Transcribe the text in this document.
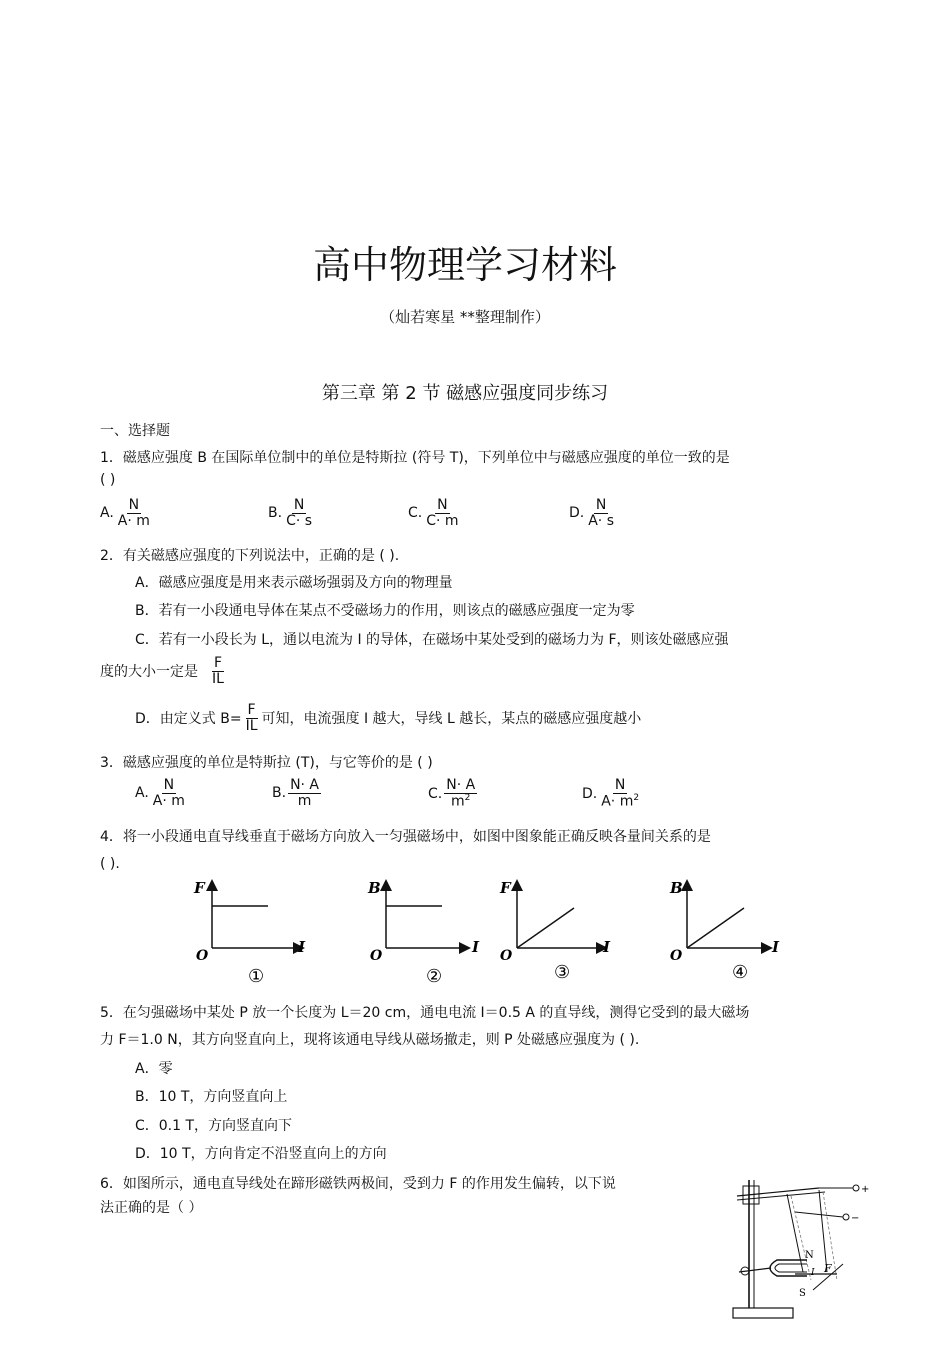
高中物理学习材料
（灿若寒星 **整理制作）
第三章 第 2 节 磁感应强度同步练习
一、选择题
1．磁感应强度 B 在国际单位制中的单位是特斯拉 (符号 T)，下列单位中与磁感应强度的单位一致的是
( )
A. $\frac{N}{A\cdot m}$	B. $\frac{N}{C\cdot s}$	C. $\frac{N}{C\cdot m}$	D. $\frac{N}{A\cdot s}$
2．有关磁感应强度的下列说法中，正确的是 ( ).
A．磁感应强度是用来表示磁场强弱及方向的物理量
B．若有一小段通电导体在某点不受磁场力的作用，则该点的磁感应强度一定为零
C．若有一小段长为 L，通以电流为 I 的导体，在磁场中某处受到的磁场力为 F，则该处磁感应强
度的大小一定是 $\frac{F}{IL}$
D．由定义式 $B= \frac{F}{IL}$ 可知，电流强度 I 越大，导线 L 越长，某点的磁感应强度越小
3．磁感应强度的单位是特斯拉 (T)，与它等价的是 ( )
A. $\frac{N}{A\cdot m}$	B. $\frac{N\cdot A}{m}$	C. $\frac{N\cdot A}{m^2}$	D. $\frac{N}{A\cdot m^2}$
4．将一小段通电直导线垂直于磁场方向放入一匀强磁场中，如图中图象能正确反映各量间关系的是
( ).
F
O	I
①
B
O	I
②
F
O	I
③
B
O	I
④
5．在匀强磁场中某处 P 放一个长度为 L＝20 cm，通电电流 I＝0.5 A 的直导线，测得它受到的最大磁场
力 F＝1.0 N，其方向竖直向上，现将该通电导线从磁场撤走，则 P 处磁感应强度为 ( ).
A．零
B．10 T，方向竖直向上
C．0.1 T，方向竖直向下
D．10 T，方向肯定不沿竖直向上的方向
6．如图所示，通电直导线处在蹄形磁铁两极间，受到力 F 的作用发生偏转，以下说
法正确的是（ ）
+
−
N
S
F
I
